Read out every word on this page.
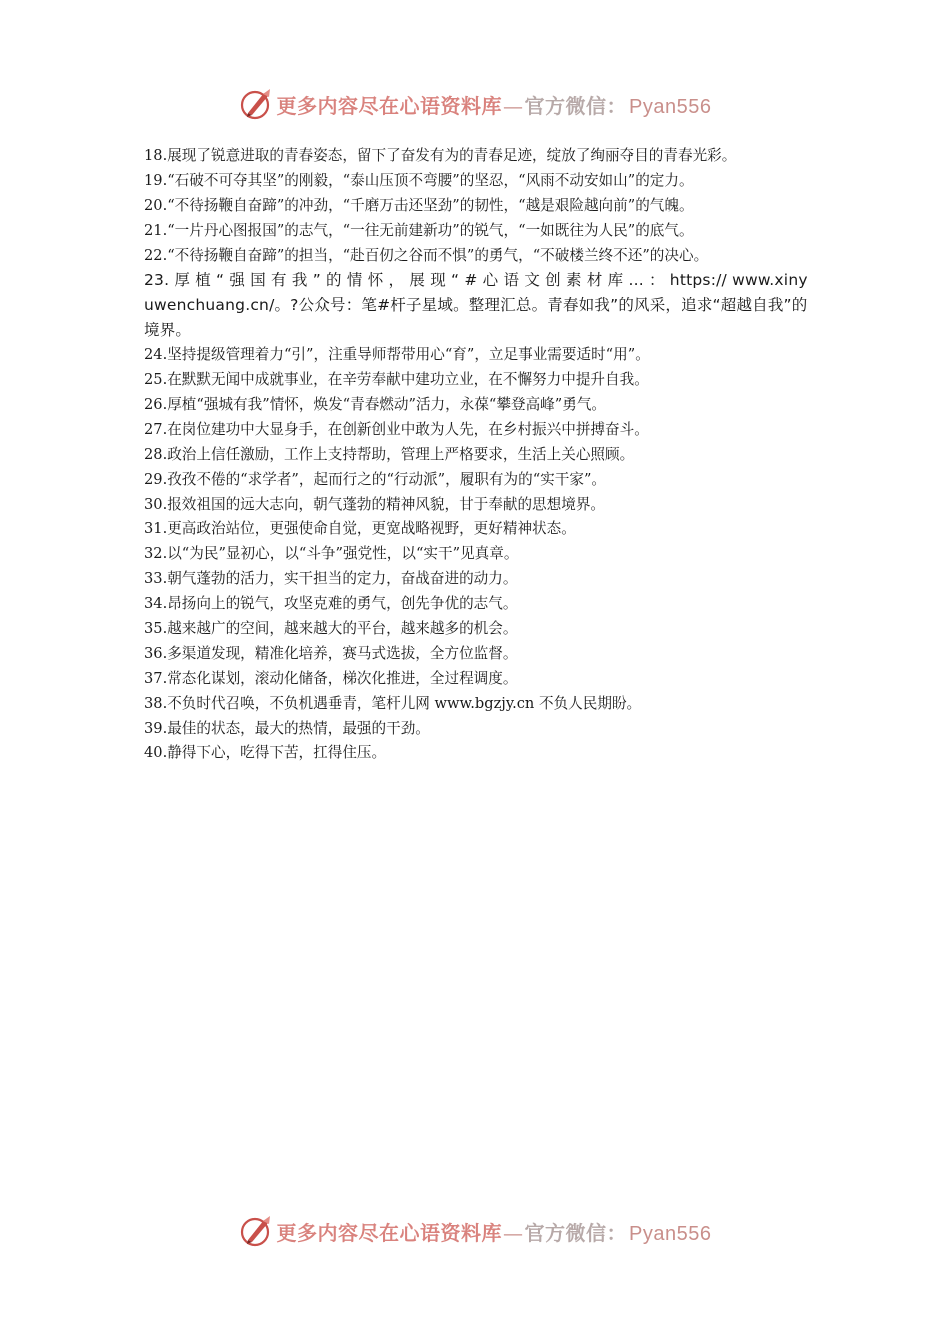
更多内容尽在心语资料库 — 官方微信： Pyan556
18.展现了锐意进取的青春姿态，留下了奋发有为的青春足迹，绽放了绚丽夺目的青春光彩。
19.“石破不可夺其坚”的刚毅，“泰山压顶不弯腰”的坚忍，“风雨不动安如山”的定力。
20.“不待扬鞭自奋蹄”的冲劲，“千磨万击还坚劲”的韧性，“越是艰险越向前”的气魄。
21.“一片丹心图报国”的志气，“一往无前建新功”的锐气，“一如既往为人民”的底气。
22.“不待扬鞭自奋蹄”的担当，“赴百仞之谷而不惧”的勇气，“不破楼兰终不还”的决心。
23. 厚 植 “ 强 国 有 我 ” 的 情 怀 ， 展 现 “ # 心 语 文 创 素 材 库 ... ： https:// www.xinyuwenchuang.cn/。?公众号：笔#杆子星域。整理汇总。青春如我”的风采，追求“超越自我”的境界。
24.坚持提级管理着力“引”，注重导师帮带用心“育”，立足事业需要适时“用”。
25.在默默无闻中成就事业，在辛劳奉献中建功立业，在不懈努力中提升自我。
26.厚植“强城有我”情怀，焕发“青春燃动”活力，永葆“攀登高峰”勇气。
27.在岗位建功中大显身手，在创新创业中敢为人先，在乡村振兴中拼搏奋斗。
28.政治上信任激励，工作上支持帮助，管理上严格要求，生活上关心照顾。
29.孜孜不倦的“求学者”，起而行之的“行动派”，履职有为的“实干家”。
30.报效祖国的远大志向，朝气蓬勃的精神风貌，甘于奉献的思想境界。
31.更高政治站位，更强使命自觉，更宽战略视野，更好精神状态。
32.以“为民”显初心，以“斗争”强党性，以“实干”见真章。
33.朝气蓬勃的活力，实干担当的定力，奋战奋进的动力。
34.昂扬向上的锐气，攻坚克难的勇气，创先争优的志气。
35.越来越广的空间，越来越大的平台，越来越多的机会。
36.多渠道发现，精准化培养，赛马式选拔，全方位监督。
37.常态化谋划，滚动化储备，梯次化推进，全过程调度。
38.不负时代召唤，不负机遇垂青，笔杆儿网 www.bgzjy.cn 不负人民期盼。
39.最佳的状态，最大的热情，最强的干劲。
40.静得下心，吃得下苦，扛得住压。
更多内容尽在心语资料库 — 官方微信： Pyan556
